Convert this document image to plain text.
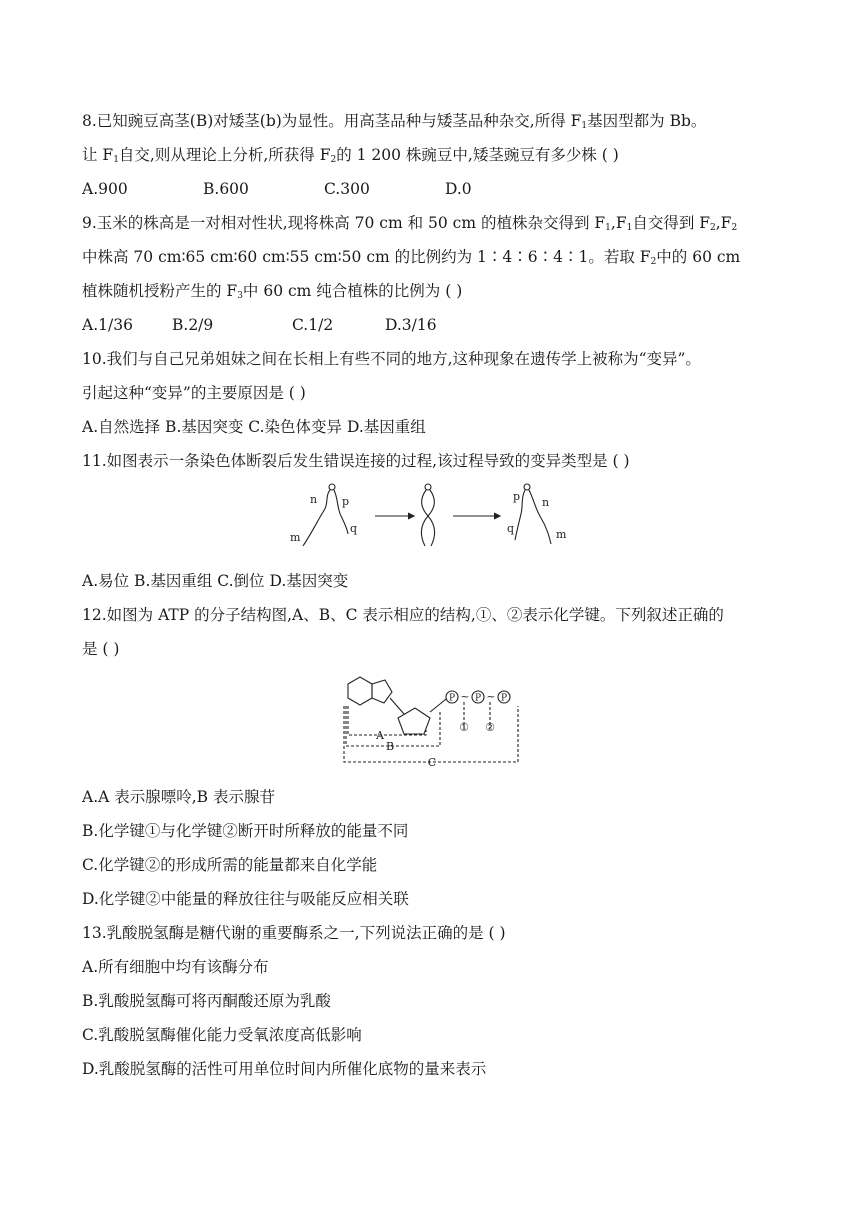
8.已知豌豆高茎(B)对矮茎(b)为显性。用高茎品种与矮茎品种杂交,所得 $F_1$基因型都为 Bb。
让 $F_1$自交,则从理论上分析,所获得 $F_2$的 1 200 株豌豆中,矮茎豌豆有多少株 ( )
A.900	B.600	C.300	D.0
9.玉米的株高是一对相对性状,现将株高 70 cm 和 50 cm 的植株杂交得到 $F_1,F_1$自交得到 $F_2,F_2$
中株高 70 cm∶65 cm∶60 cm∶55 cm∶50 cm 的比例约为 1∶4∶6∶4∶1。若取 $F_2$中的 60 cm
植株随机授粉产生的 $F_3$中 60 cm 纯合植株的比例为 ( )
A.1/36	B.2/9	C.1/2	D.3/16
10.我们与自己兄弟姐妹之间在长相上有些不同的地方,这种现象在遗传学上被称为“变异”。
引起这种“变异”的主要原因是 ( )
A.自然选择 B.基因突变 C.染色体变异 D.基因重组
11.如图表示一条染色体断裂后发生错误连接的过程,该过程导致的变异类型是 ( )
n p
m
q
p n
q	m
A.易位 B.基因重组 C.倒位 D.基因突变
12.如图为 ATP 的分子结构图,A、B、C 表示相应的结构,①、②表示化学键。下列叙述正确的
是 ( )
P P P
~ ~
① ②
A
B
C
A.A 表示腺嘌呤,B 表示腺苷
B.化学键①与化学键②断开时所释放的能量不同
C.化学键②的形成所需的能量都来自化学能
D.化学键②中能量的释放往往与吸能反应相关联
13.乳酸脱氢酶是糖代谢的重要酶系之一,下列说法正确的是 ( )
A.所有细胞中均有该酶分布
B.乳酸脱氢酶可将丙酮酸还原为乳酸
C.乳酸脱氢酶催化能力受氧浓度高低影响
D.乳酸脱氢酶的活性可用单位时间内所催化底物的量来表示
